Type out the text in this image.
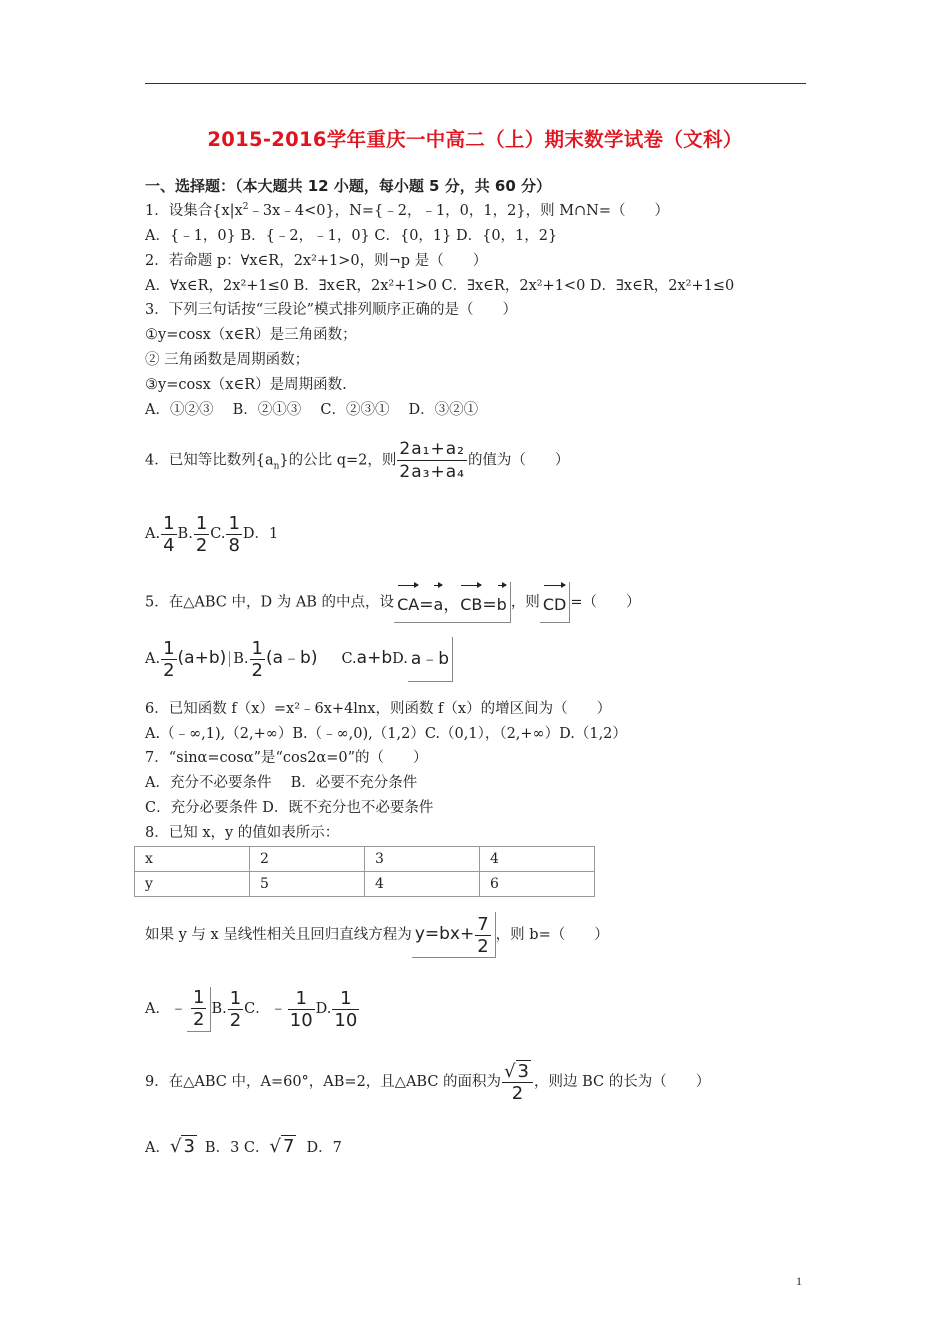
2015-2016学年重庆一中高二（上）期末数学试卷（文科）
一、选择题：（本大题共 12 小题，每小题 5 分，共 60 分）
1．设集合$\{x|x^2﹣3x﹣4<0\}$，N={﹣2，﹣1，0，1，2}，则 M∩N=（　　）
A．{﹣1，0} B．{﹣2，﹣1，0} C．{0，1} D．{0，1，2}
2．若命题 p：∀x∈R，2x²+1>0，则¬p 是（　　）
A．∀x∈R，2x²+1≤0 B．∃x∈R，2x²+1>0 C．∃x∈R，2x²+1<0 D．∃x∈R，2x²+1≤0
3．下列三句话按“三段论”模式排列顺序正确的是（　　）
①y=cosx（x∈R）是三角函数；
② 三角函数是周期函数；
③y=cosx（x∈R）是周期函数.
A．①②③　 B．②①③　 C．②③①　 D．③②①
4．已知等比数列$\{a_n\}$的公比 q=2，则 $\frac{\text{2a₁+a₂}}{\text{2a₃+a₄}}$ 的值为（　　）
A. $\frac{1}{4} B$. $\frac{1}{2} C$. $\frac{1}{8}$ D．1
5．在△ABC 中，D 为 AB 的中点，设 CA=a，CB=b ，则 CD =（　　）
A. $\frac{1}{2} (a+b)$ B. $\frac{1}{2}$ (a﹣b) C.a+bD. a﹣b
6．已知函数 f（x）=x²﹣6x+4lnx，则函数 f（x）的增区间为（　　）
A.（﹣∞,1),（2,+∞）B.（﹣∞,0),（1,2）C.（0,1），（2,+∞）D.（1,2）
7．“sinα=cosα”是“cos2α=0”的（　　）
A．充分不必要条件　 B．必要不充分条件
C．充分必要条件 D．既不充分也不必要条件
8．已知 x，y 的值如表所示：
x	2	3	4
y	5	4	6
如果 y 与 x 呈线性相关且回归直线方程为 $y=bx+ \frac{7}{2}$ ，则 b=（　　）
A．﹣ $\frac{1}{2} B$. $\frac{1}{2}$ C．﹣ $\frac{1}{10} D$. $\frac{1}{10}$
9．在△ABC 中，A=60°，AB=2，且△ABC 的面积为 $\frac{√ 3}{2}$ ，则边 BC 的长为（　　）
A．√ 3 B．3 C．√ 7 D．7
1
